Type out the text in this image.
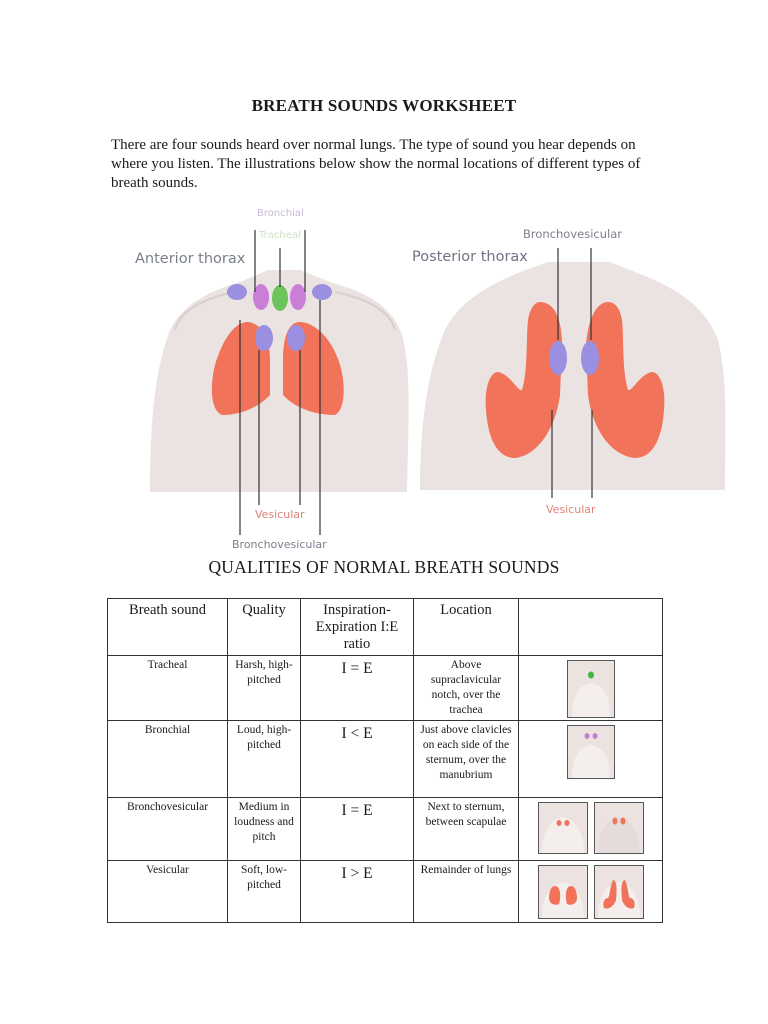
BREATH SOUNDS WORKSHEET
There are four sounds heard over normal lungs. The type of sound you hear depends on where you listen. The illustrations below show the normal locations of different types of breath sounds.
Anterior thorax	Posterior thorax
Bronchial
Tracheal	Bronchovesicular
Vesicular
Bronchovesicular
Vesicular
QUALITIES OF NORMAL BREATH SOUNDS
Breath sound	Quality	Inspiration-Expiration I:E ratio	Location	
Tracheal	Harsh, high-pitched	I = E	Above supraclavicular notch, over the trachea	

Bronchial	Loud, high-pitched	I < E	Just above clavicles on each side of the sternum, over the manubrium	

Bronchovesicular	Medium in loudness and pitch	I = E	Next to sternum, between scapulae	

Vesicular	Soft, low-pitched	I > E	Remainder of lungs	
